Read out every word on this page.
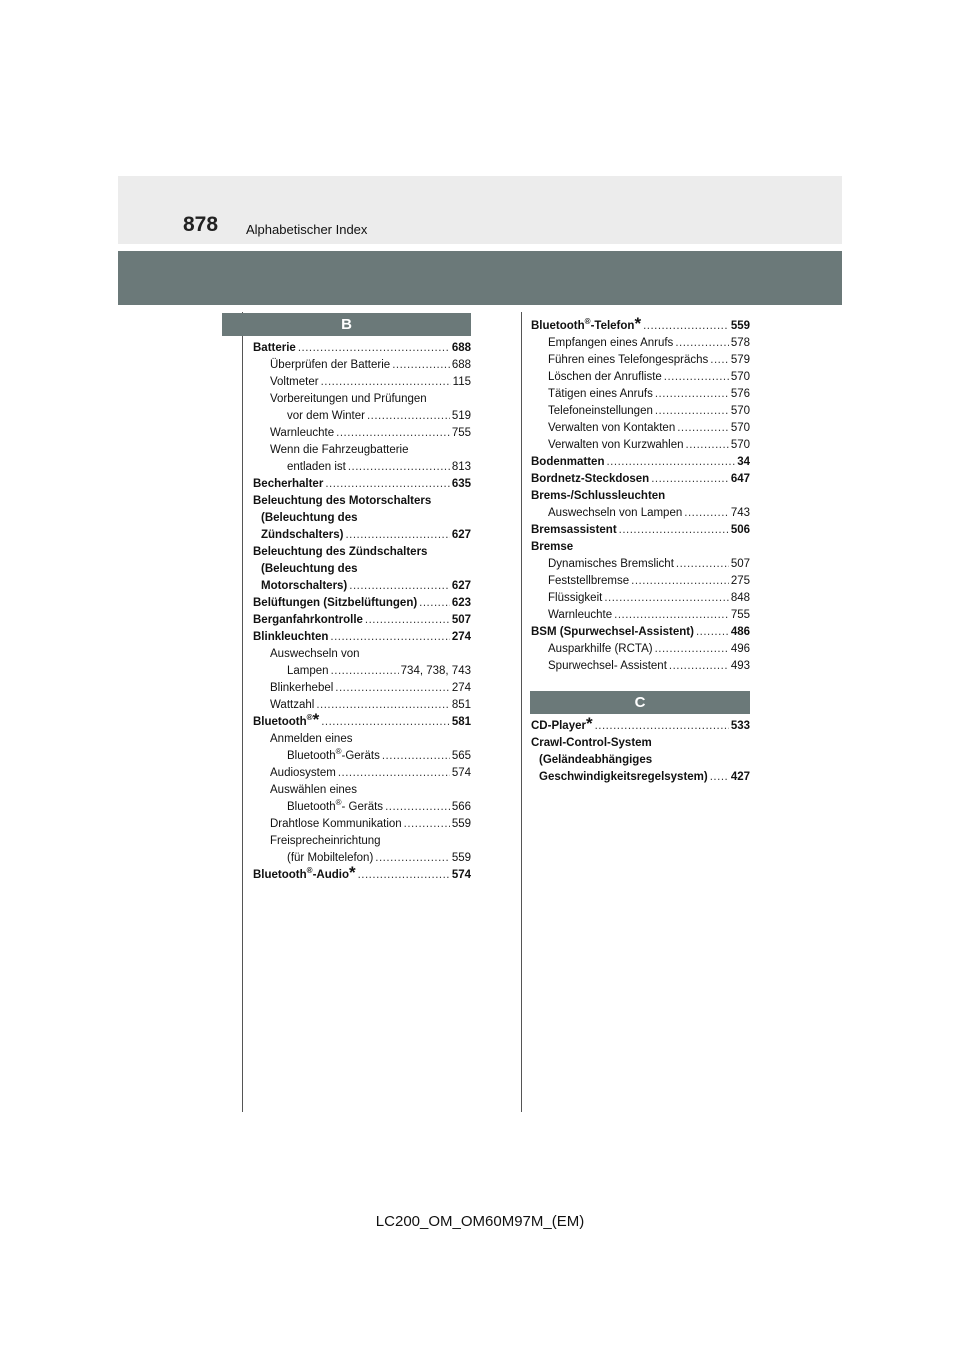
878 Alphabetischer Index
B
C
Batterie .....	688
Überprüfen der Batterie .....	688
Voltmeter .....	115
Vorbereitungen und Prüfungen
vor dem Winter .....	519
Warnleuchte .....	755
Wenn die Fahrzeugbatterie
entladen ist .....	813
Becherhalter .....	635
Beleuchtung des Motorschalters
(Beleuchtung des
Zündschalters) .....	627
Beleuchtung des Zündschalters
(Beleuchtung des
Motorschalters) .....	627
Belüftungen (Sitzbelüftungen) .....	623
Berganfahrkontrolle .....	507
Blinkleuchten .....	274
Auswechseln von
Lampen .....	734, 738, 743
Blinkerhebel .....	274
Wattzahl .....	851
Bluetooth®* .....	581
Anmelden eines
Bluetooth®-Geräts .....	565
Audiosystem .....	574
Auswählen eines
Bluetooth®- Geräts .....	566
Drahtlose Kommunikation .....	559
Freisprecheinrichtung
(für Mobiltelefon) .....	559
Bluetooth®-Audio* .....	574
Bluetooth®-Telefon* .....	559
Empfangen eines Anrufs .....	578
Führen eines Telefongesprächs ..... 579
Löschen der Anrufliste .....	570
Tätigen eines Anrufs .....	576
Telefoneinstellungen .....	570
Verwalten von Kontakten .....	570
Verwalten von Kurzwahlen .....	570
Bodenmatten .....	34
Bordnetz-Steckdosen .....	647
Brems-/Schlussleuchten
Auswechseln von Lampen .....	743
Bremsassistent .....	506
Bremse
Dynamisches Bremslicht .....	507
Feststellbremse .....	275
Flüssigkeit .....	848
Warnleuchte .....	755
BSM (Spurwechsel-Assistent) .....	486
Ausparkhilfe (RCTA) .....	496
Spurwechsel- Assistent .....	493
CD-Player* .....	533
Crawl-Control-System
(Geländeabhängiges
Geschwindigkeitsregelsystem) ..... 427
LC200_OM_OM60M97M_(EM)
